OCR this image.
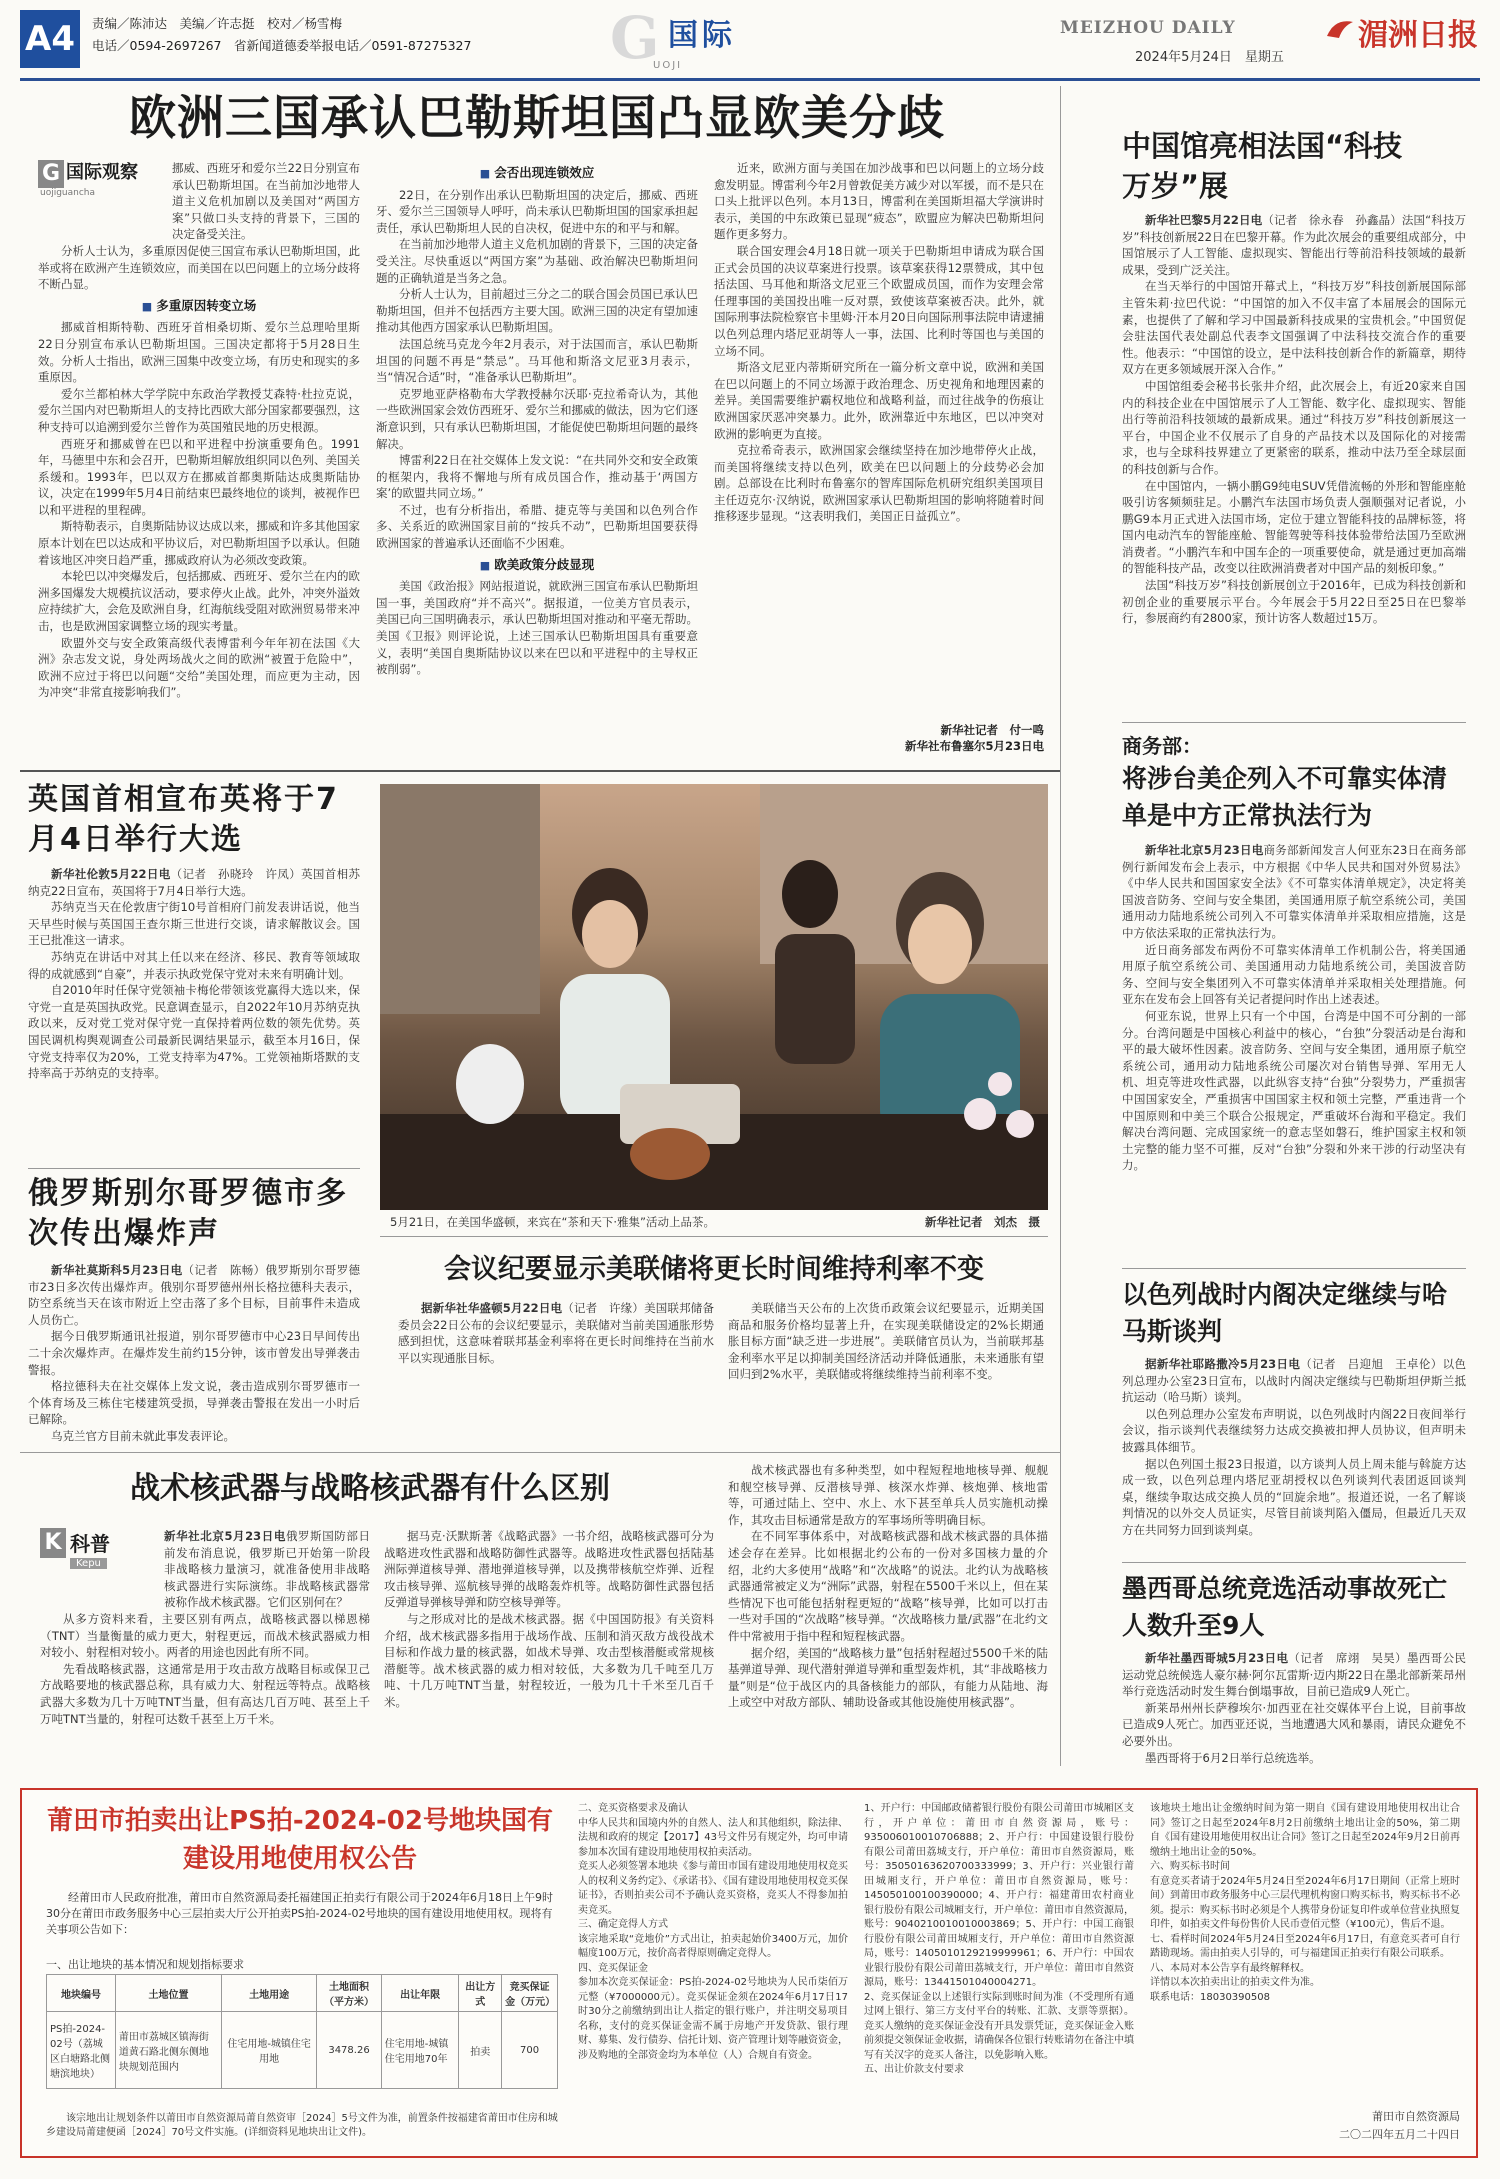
A4	责编／陈沛达　美编／许志挺　校对／杨雪梅
电话／0594-2697267　省新闻道德委举报电话／0591-87275327 G
UOJI
国际	MEIZHOU DAILY	湄洲日报
2024年5月24日　星期五
欧洲三国承认巴勒斯坦国凸显欧美分歧
G 国际观察
uojiguancha

挪威、西班牙和爱尔兰22日分别宣布承认巴勒斯坦国。在当前加沙地带人道主义危机加剧以及美国对“两国方案”只做口头支持的背景下，三国的决定备受关注。

分析人士认为，多重原因促使三国宣布承认巴勒斯坦国，此举或将在欧洲产生连锁效应，而美国在以巴问题上的立场分歧将不断凸显。

■ 多重原因转变立场

挪威首相斯特勒、西班牙首相桑切斯、爱尔兰总理哈里斯22日分别宣布承认巴勒斯坦国。三国决定都将于5月28日生效。分析人士指出，欧洲三国集中改变立场，有历史和现实的多重原因。

爱尔兰都柏林大学学院中东政治学教授艾森特·杜拉克说，爱尔兰国内对巴勒斯坦人的支持比西欧大部分国家都要强烈，这种支持可以追溯到爱尔兰曾作为英国殖民地的历史根源。

西班牙和挪威曾在巴以和平进程中扮演重要角色。1991年，马德里中东和会召开，巴勒斯坦解放组织同以色列、美国关系缓和。1993年，巴以双方在挪威首都奥斯陆达成奥斯陆协议，决定在1999年5月4日前结束巴最终地位的谈判，被视作巴以和平进程的里程碑。

斯特勒表示，自奥斯陆协议达成以来，挪威和许多其他国家原本计划在巴以达成和平协议后，对巴勒斯坦国予以承认。但随着该地区冲突日趋严重，挪威政府认为必须改变政策。

本轮巴以冲突爆发后，包括挪威、西班牙、爱尔兰在内的欧洲多国爆发大规模抗议活动，要求停火止战。此外，冲突外溢效应持续扩大，会危及欧洲自身，红海航线受阻对欧洲贸易带来冲击，也是欧洲国家调整立场的现实考量。

欧盟外交与安全政策高级代表博雷利今年年初在法国《大洲》杂志发文说，身处两场战火之间的欧洲“被置于危险中”，欧洲不应过于将巴以问题“交给”美国处理，而应更为主动，因为冲突“非常直接影响我们”。

■ 会否出现连锁效应

22日，在分别作出承认巴勒斯坦国的决定后，挪威、西班牙、爱尔兰三国领导人呼吁，尚未承认巴勒斯坦国的国家承担起责任，承认巴勒斯坦人民的自决权，促进中东的和平与和解。

在当前加沙地带人道主义危机加剧的背景下，三国的决定备受关注。尽快重返以“两国方案”为基础、政治解决巴勒斯坦问题的正确轨道是当务之急。

分析人士认为，目前超过三分之二的联合国会员国已承认巴勒斯坦国，但并不包括西方主要大国。欧洲三国的决定有望加速推动其他西方国家承认巴勒斯坦国。

法国总统马克龙今年2月表示，对于法国而言，承认巴勒斯坦国的问题不再是“禁忌”。马耳他和斯洛文尼亚3月表示，当“情况合适”时，“准备承认巴勒斯坦”。

克罗地亚萨格勒布大学教授赫尔沃耶·克拉希奇认为，其他一些欧洲国家会效仿西班牙、爱尔兰和挪威的做法，因为它们逐渐意识到，只有承认巴勒斯坦国，才能促使巴勒斯坦问题的最终解决。

博雷利22日在社交媒体上发文说：“在共同外交和安全政策的框架内，我将不懈地与所有成员国合作，推动基于‘两国方案’的欧盟共同立场。”

不过，也有分析指出，希腊、捷克等与美国和以色列合作多、关系近的欧洲国家目前的“按兵不动”，巴勒斯坦国要获得欧洲国家的普遍承认还面临不少困难。

■ 欧美政策分歧显现

美国《政治报》网站报道说，就欧洲三国宣布承认巴勒斯坦国一事，美国政府“并不高兴”。据报道，一位美方官员表示，美国已向三国明确表示，承认巴勒斯坦国对推动和平毫无帮助。美国《卫报》则评论说，上述三国承认巴勒斯坦国具有重要意义，表明“美国自奥斯陆协议以来在巴以和平进程中的主导权正被削弱”。

近来，欧洲方面与美国在加沙战事和巴以问题上的立场分歧愈发明显。博雷利今年2月曾敦促美方减少对以军援，而不是只在口头上批评以色列。本月13日，博雷利在美国斯坦福大学演讲时表示，美国的中东政策已显现“疲态”，欧盟应为解决巴勒斯坦问题作更多努力。

联合国安理会4月18日就一项关于巴勒斯坦申请成为联合国正式会员国的决议草案进行投票。该草案获得12票赞成，其中包括法国、马耳他和斯洛文尼亚三个欧盟成员国，而作为安理会常任理事国的美国投出唯一反对票，致使该草案被否决。此外，就国际刑事法院检察官卡里姆·汗本月20日向国际刑事法院申请逮捕以色列总理内塔尼亚胡等人一事，法国、比利时等国也与美国的立场不同。

斯洛文尼亚内蒂斯研究所在一篇分析文章中说，欧洲和美国在巴以问题上的不同立场源于政治理念、历史视角和地理因素的差异。美国需要维护霸权地位和战略利益，而过往战争的伤痕让欧洲国家厌恶冲突暴力。此外，欧洲靠近中东地区，巴以冲突对欧洲的影响更为直接。

克拉希奇表示，欧洲国家会继续坚持在加沙地带停火止战，而美国将继续支持以色列，欧美在巴以问题上的分歧势必会加剧。总部设在比利时布鲁塞尔的智库国际危机研究组织美国项目主任迈克尔·汉纳说，欧洲国家承认巴勒斯坦国的影响将随着时间推移逐步显现。“这表明我们，美国正日益孤立”。

新华社记者　付一鸣
新华社布鲁塞尔5月23日电
英国首相宣布英将于7月4日举行大选

新华社伦敦5月22日电（记者　孙晓玲　许凤）英国首相苏纳克22日宣布，英国将于7月4日举行大选。

苏纳克当天在伦敦唐宁街10号首相府门前发表讲话说，他当天早些时候与英国国王查尔斯三世进行交谈，请求解散议会。国王已批准这一请求。

苏纳克在讲话中对其上任以来在经济、移民、教育等领域取得的成就感到“自豪”，并表示执政党保守党对未来有明确计划。

自2010年时任保守党领袖卡梅伦带领该党赢得大选以来，保守党一直是英国执政党。民意调查显示，自2022年10月苏纳克执政以来，反对党工党对保守党一直保持着两位数的领先优势。英国民调机构舆观调查公司最新民调结果显示，截至本月16日，保守党支持率仅为20%，工党支持率为47%。工党领袖斯塔默的支持率高于苏纳克的支持率。

俄罗斯别尔哥罗德市多次传出爆炸声

新华社莫斯科5月23日电（记者　陈畅）俄罗斯别尔哥罗德市23日多次传出爆炸声。俄别尔哥罗德州州长格拉德科夫表示，防空系统当天在该市附近上空击落了多个目标，目前事件未造成人员伤亡。

据今日俄罗斯通讯社报道，别尔哥罗德市中心23日早间传出二十余次爆炸声。在爆炸发生前约15分钟，该市曾发出导弹袭击警报。

格拉德科夫在社交媒体上发文说，袭击造成别尔哥罗德市一个体育场及三栋住宅楼建筑受损，导弹袭击警报在发出一小时后已解除。

乌克兰官方目前未就此事发表评论。

5月21日，在美国华盛顿，来宾在“茶和天下·雅集”活动上品茶。	新华社记者　刘杰　摄
会议纪要显示美联储将更长时间维持利率不变

据新华社华盛顿5月22日电（记者　许缘）美国联邦储备委员会22日公布的会议纪要显示，美联储对当前美国通胀形势感到担忧，这意味着联邦基金利率将在更长时间维持在当前水平以实现通胀目标。

美联储当天公布的上次货币政策会议纪要显示，近期美国商品和服务价格均显著上升，在实现美联储设定的2%长期通胀目标方面“缺乏进一步进展”。美联储官员认为，当前联邦基金利率水平足以抑制美国经济活动并降低通胀，未来通胀有望回归到2%水平，美联储或将继续维持当前利率不变。

战术核武器与战略核武器有什么区别
K 科普
Kepu

新华社北京5月23日电俄罗斯国防部日前发布消息说，俄罗斯已开始第一阶段非战略核力量演习，就准备使用非战略核武器进行实际演练。非战略核武器常被称作战术核武器。它们区别何在？

从多方资料来看，主要区别有两点，战略核武器以梯恩梯（TNT）当量衡量的威力更大，射程更远，而战术核武器威力相对较小、射程相对较小。两者的用途也因此有所不同。

先看战略核武器，这通常是用于攻击敌方战略目标或保卫己方战略要地的核武器总称，具有威力大、射程远等特点。战略核武器大多数为几十万吨TNT当量，但有高达几百万吨、甚至上千万吨TNT当量的，射程可达数千甚至上万千米。

据马克·沃默斯著《战略武器》一书介绍，战略核武器可分为战略进攻性武器和战略防御性武器等。战略进攻性武器包括陆基洲际弹道核导弹、潜地弹道核导弹，以及携带核航空炸弹、近程攻击核导弹、巡航核导弹的战略轰炸机等。战略防御性武器包括反弹道导弹核导弹和防空核导弹等。

与之形成对比的是战术核武器。据《中国国防报》有关资料介绍，战术核武器多指用于战场作战、压制和消灭敌方战役战术目标和作战力量的核武器，如战术导弹、攻击型核潜艇或常规核潜艇等。战术核武器的威力相对较低，大多数为几千吨至几万吨、十几万吨TNT当量，射程较近，一般为几十千米至几百千米。

战术核武器也有多种类型，如中程短程地地核导弹、舰舰和舰空核导弹、反潜核导弹、核深水炸弹、核炮弹、核地雷等，可通过陆上、空中、水上、水下甚至单兵人员实施机动操作，其攻击目标通常是敌方的军事场所等明确目标。

在不同军事体系中，对战略核武器和战术核武器的具体描述会存在差异。比如根据北约公布的一份对多国核力量的介绍，北约大多使用“战略”和“次战略”的说法。北约认为战略核武器通常被定义为“洲际”武器，射程在5500千米以上，但在某些情况下也可能包括射程更短的“战略”核导弹，比如可以打击一些对手国的“次战略”核导弹。“次战略核力量/武器”在北约文件中常被用于指中程和短程核武器。

据介绍，美国的“战略核力量”包括射程超过5500千米的陆基弹道导弹、现代潜射弹道导弹和重型轰炸机，其“非战略核力量”则是“位于战区内的具备核能力的部队，有能力从陆地、海上或空中对敌方部队、辅助设备或其他设施使用核武器”。

中国馆亮相法国“科技万岁”展

新华社巴黎5月22日电（记者　徐永春　孙鑫晶）法国“科技万岁”科技创新展22日在巴黎开幕。作为此次展会的重要组成部分，中国馆展示了人工智能、虚拟现实、智能出行等前沿科技领域的最新成果，受到广泛关注。

在当天举行的中国馆开幕式上，“科技万岁”科技创新展国际部主管朱莉·拉巴代说：“中国馆的加入不仅丰富了本届展会的国际元素，也提供了了解和学习中国最新科技成果的宝贵机会。”中国贸促会驻法国代表处副总代表李文国强调了中法科技交流合作的重要性。他表示：“中国馆的设立，是中法科技创新合作的新篇章，期待双方在更多领域展开深入合作。”

中国馆组委会秘书长张井介绍，此次展会上，有近20家来自国内的科技企业在中国馆展示了人工智能、数字化、虚拟现实、智能出行等前沿科技领域的最新成果。通过“科技万岁”科技创新展这一平台，中国企业不仅展示了自身的产品技术以及国际化的对接需求，也与全球科技界建立了更紧密的联系，推动中法乃至全球层面的科技创新与合作。

在中国馆内，一辆小鹏G9纯电SUV凭借流畅的外形和智能座舱吸引访客频频驻足。小鹏汽车法国市场负责人强顺强对记者说，小鹏G9本月正式进入法国市场，定位于建立智能科技的品牌标签，将国内电动汽车的智能座舱、智能驾驶等科技体验带给法国乃至欧洲消费者。“小鹏汽车和中国车企的一项重要使命，就是通过更加高端的智能科技产品，改变以往欧洲消费者对中国产品的刻板印象。”

法国“科技万岁”科技创新展创立于2016年，已成为科技创新和初创企业的重要展示平台。今年展会于5月22日至25日在巴黎举行，参展商约有2800家，预计访客人数超过15万。

商务部：
将涉台美企列入不可靠实体清单是中方正常执法行为

新华社北京5月23日电商务部新闻发言人何亚东23日在商务部例行新闻发布会上表示，中方根据《中华人民共和国对外贸易法》《中华人民共和国国家安全法》《不可靠实体清单规定》，决定将美国波音防务、空间与安全集团，美国通用原子航空系统公司，美国通用动力陆地系统公司列入不可靠实体清单并采取相应措施，这是中方依法采取的正常执法行为。

近日商务部发布两份不可靠实体清单工作机制公告，将美国通用原子航空系统公司、美国通用动力陆地系统公司，美国波音防务、空间与安全集团列入不可靠实体清单并采取相关处理措施。何亚东在发布会上回答有关记者提问时作出上述表述。

何亚东说，世界上只有一个中国，台湾是中国不可分割的一部分。台湾问题是中国核心利益中的核心，“台独”分裂活动是台海和平的最大破坏性因素。波音防务、空间与安全集团，通用原子航空系统公司，通用动力陆地系统公司屡次对台销售导弹、军用无人机、坦克等进攻性武器，以此纵容支持“台独”分裂势力，严重损害中国国家安全，严重损害中国国家主权和领土完整，严重违背一个中国原则和中美三个联合公报规定，严重破坏台海和平稳定。我们解决台湾问题、完成国家统一的意志坚如磐石，维护国家主权和领土完整的能力坚不可摧，反对“台独”分裂和外来干涉的行动坚决有力。

以色列战时内阁决定继续与哈马斯谈判

据新华社耶路撒冷5月23日电（记者　吕迎旭　王卓伦）以色列总理办公室23日宣布，以战时内阁决定继续与巴勒斯坦伊斯兰抵抗运动（哈马斯）谈判。

以色列总理办公室发布声明说，以色列战时内阁22日夜间举行会议，指示谈判代表继续努力达成交换被扣押人员协议，但声明未披露具体细节。

据以色列国土报23日报道，以方谈判人员上周未能与斡旋方达成一致，以色列总理内塔尼亚胡授权以色列谈判代表团返回谈判桌，继续争取达成交换人员的“回旋余地”。报道还说，一名了解谈判情况的以外交人员证实，尽管目前谈判陷入僵局，但最近几天双方在共同努力回到谈判桌。

墨西哥总统竞选活动事故死亡人数升至9人

新华社墨西哥城5月23日电（记者　席翊　吴昊）墨西哥公民运动党总统候选人豪尔赫·阿尔瓦雷斯·迈内斯22日在墨北部新莱昂州举行竞选活动时发生舞台倒塌事故，目前已造成9人死亡。

新莱昂州州长萨穆埃尔·加西亚在社交媒体平台上说，目前事故已造成9人死亡。加西亚还说，当地遭遇大风和暴雨，请民众避免不必要外出。

墨西哥将于6月2日举行总统选举。

莆田市拍卖出让PS拍-2024-02号地块国有建设用地使用权公告
经莆田市人民政府批准，莆田市自然资源局委托福建国正拍卖行有限公司于2024年6月18日上午9时30分在莆田市政务服务中心三层拍卖大厅公开拍卖PS拍-2024-02号地块的国有建设用地使用权。现将有关事项公告如下：
一、出让地块的基本情况和规划指标要求
地块编号	土地位置	土地用途	土地面积（平方米）	出让年限	出让方式	竞买保证金（万元）
PS拍-2024-02号（荔城区白塘路北侧塘滨地块）	莆田市荔城区镇海街道黄石路北侧东侧地块规划范围内	住宅用地-城镇住宅用地	3478.26	住宅用地-城镇住宅用地70年	拍卖	700
该宗地出让规划条件以莆田市自然资源局莆自然资审［2024］5号文件为准，前置条件按福建省莆田市住房和城乡建设局莆建便函［2024］70号文件实施。(详细资料见地块出让文件)。
二、竞买资格要求及确认
中华人民共和国境内外的自然人、法人和其他组织，除法律、法规和政府的规定【2017】43号文件另有规定外，均可申请参加本次国有建设用地使用权拍卖活动。
竞买人必须签署本地块《参与莆田市国有建设用地使用权竞买人的权利义务约定》、《承诺书》、《国有建设用地使用权竞买保证书》，否则拍卖公司不予确认竞买资格，竞买人不得参加拍卖竞买。
三、确定竞得人方式
该宗地采取“竞地价”方式出让，拍卖起始价3400万元，加价幅度100万元，按价高者得原则确定竞得人。
四、竞买保证金
参加本次竞买保证金：PS拍-2024-02号地块为人民币柒佰万元整（¥7000000元）。竞买保证金须在2024年6月17日17时30分之前缴纳到出让人指定的银行账户，并注明交易项目名称，支付的竞买保证金需不属于房地产开发贷款、银行理财、募集、发行债券、信托计划、资产管理计划等融资资金，涉及购地的全部资金均为本单位（人）合规自有资金。
1、开户行：中国邮政储蓄银行股份有限公司莆田市城厢区支行，开户单位：莆田市自然资源局，账号：935006010010706888；2、开户行：中国建设银行股份有限公司莆田荔城支行，开户单位：莆田市自然资源局，账号：35050163620700333999；3、开户行：兴业银行莆田城厢支行，开户单位：莆田市自然资源局，账号：145050100100390000；4、开户行：福建莆田农村商业银行股份有限公司城厢支行，开户单位：莆田市自然资源局，账号：9040210010010003869；5、开户行：中国工商银行股份有限公司莆田城厢支行，开户单位：莆田市自然资源局，账号：1405010129219999961；6、开户行：中国农业银行股份有限公司莆田荔城支行，开户单位：莆田市自然资源局，账号：13441501040004271。
2、竞买保证金以上述银行实际到账时间为准（不受理所有通过网上银行、第三方支付平台的转账、汇款、支票等票据）。竞买人缴纳的竞买保证金没有开具发票凭证，竞买保证金入账前须提交领保证金收据，请确保各位银行转账请勿在备注中填写有关汉字的竞买人备注，以免影响入账。
五、出让价款支付要求
该地块土地出让金缴纳时间为第一期自《国有建设用地使用权出让合同》签订之日起至2024年8月2日前缴纳土地出让金的50%，第二期自《国有建设用地使用权出让合同》签订之日起至2024年9月2日前再缴纳土地出让金的50%。
六、购买标书时间
有意竞买者请于2024年5月24日至2024年6月17日期间（正常上班时间）到莆田市政务服务中心三层代理机构窗口购买标书，购买标书不必须。提示：购买标书时必须是个人携带身份证复印件或单位营业执照复印件，如拍卖文件每份售价人民币壹佰元整（¥100元），售后不退。
七、看样时间2024年5月24日至2024年6月17日，有意竞买者可自行踏勘现场。需由拍卖人引导的，可与福建国正拍卖行有限公司联系。
八、本局对本公告享有最终解释权。
详情以本次拍卖出让的拍卖文件为准。
联系电话：18030390508
莆田市自然资源局
二〇二四年五月二十四日
